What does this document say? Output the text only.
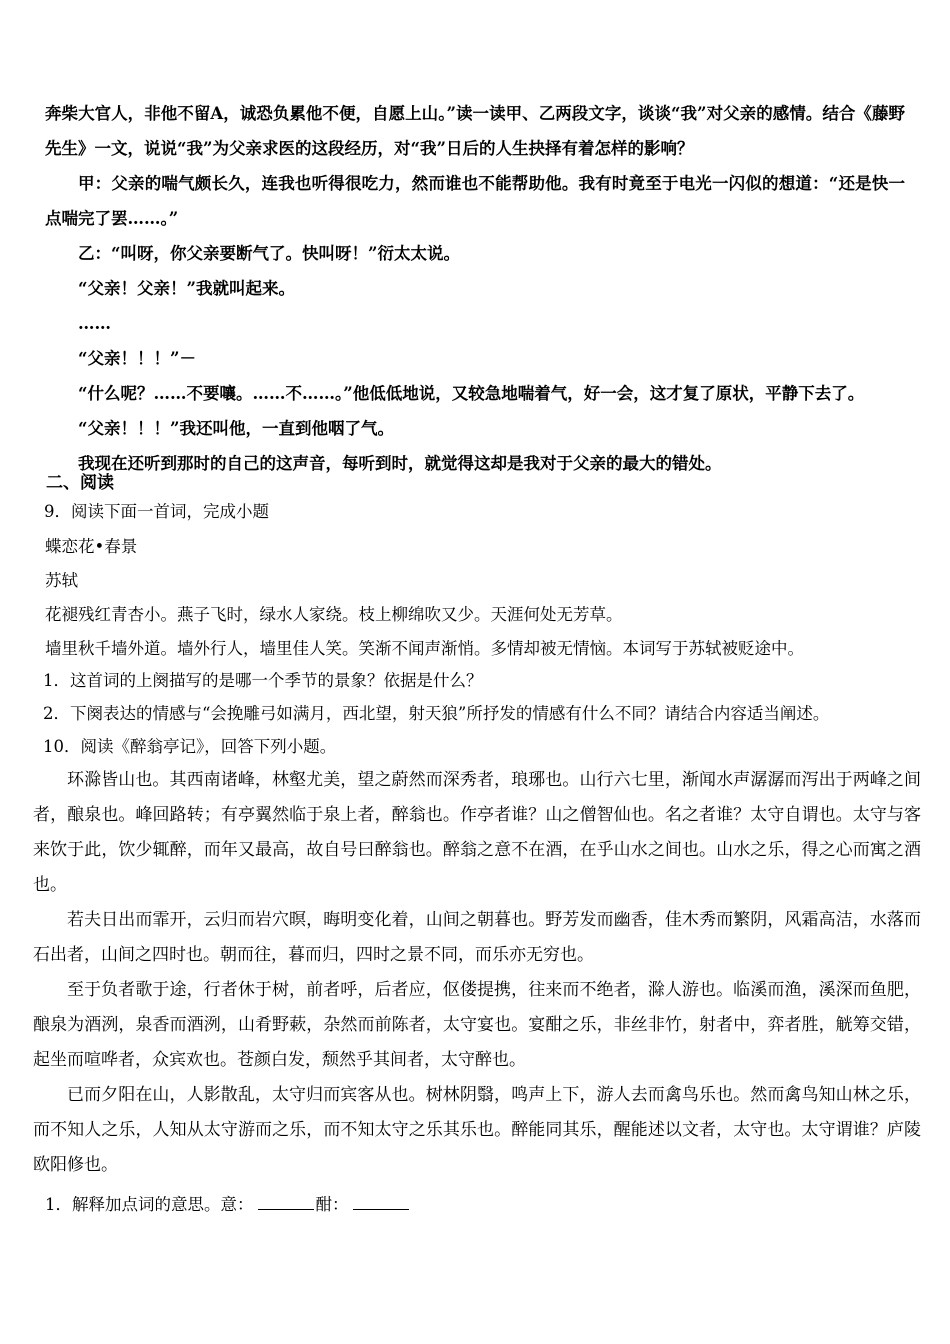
奔柴大官人，非他不留A，诚恐负累他不便，自愿上山。”读一读甲、乙两段文字，谈谈“我”对父亲的感情。结合《藤野先生》一文，说说“我”为父亲求医的这段经历，对“我”日后的人生抉择有着怎样的影响？

甲：父亲的喘气颇长久，连我也听得很吃力，然而谁也不能帮助他。我有时竟至于电光一闪似的想道：“还是快一点喘完了罢……。”

乙：“叫呀，你父亲要断气了。快叫呀！”衍太太说。

“父亲！父亲！”我就叫起来。

……

“父亲！！！”－

“什么呢？……不要嚷。……不……。”他低低地说，又较急地喘着气，好一会，这才复了原状，平静下去了。

“父亲！！！”我还叫他，一直到他咽了气。

我现在还听到那时的自己的这声音，每听到时，就觉得这却是我对于父亲的最大的错处。

二、阅读

9．阅读下面一首词，完成小题

蝶恋花•春景

苏轼

花褪残红青杏小。燕子飞时，绿水人家绕。枝上柳绵吹又少。天涯何处无芳草。

墙里秋千墙外道。墙外行人，墙里佳人笑。笑渐不闻声渐悄。多情却被无情恼。本词写于苏轼被贬途中。

1．这首词的上阕描写的是哪一个季节的景象？依据是什么？

2．下阕表达的情感与“会挽雕弓如满月，西北望，射天狼”所抒发的情感有什么不同？请结合内容适当阐述。

10．阅读《醉翁亭记》，回答下列小题。

环滁皆山也。其西南诸峰，林壑尤美，望之蔚然而深秀者，琅琊也。山行六七里，渐闻水声潺潺而泻出于两峰之间者，酿泉也。峰回路转；有亭翼然临于泉上者，醉翁也。作亭者谁？山之僧智仙也。名之者谁？太守自谓也。太守与客来饮于此，饮少辄醉，而年又最高，故自号曰醉翁也。醉翁之意不在酒，在乎山水之间也。山水之乐，得之心而寓之酒也。

若夫日出而霏开，云归而岩穴暝，晦明变化着，山间之朝暮也。野芳发而幽香，佳木秀而繁阴，风霜高洁，水落而石出者，山间之四时也。朝而往，暮而归，四时之景不同，而乐亦无穷也。

至于负者歌于途，行者休于树，前者呼，后者应，伛偻提携，往来而不绝者，滁人游也。临溪而渔，溪深而鱼肥，酿泉为酒洌，泉香而酒洌，山肴野蔌，杂然而前陈者，太守宴也。宴酣之乐，非丝非竹，射者中，弈者胜，觥筹交错，起坐而喧哗者，众宾欢也。苍颜白发，颓然乎其间者，太守醉也。

已而夕阳在山，人影散乱，太守归而宾客从也。树林阴翳，鸣声上下，游人去而禽鸟乐也。然而禽鸟知山林之乐，而不知人之乐，人知从太守游而之乐，而不知太守之乐其乐也。醉能同其乐，醒能述以文者，太守也。太守谓谁？庐陵欧阳修也。

1．解释加点词的意思。意：	酣：
